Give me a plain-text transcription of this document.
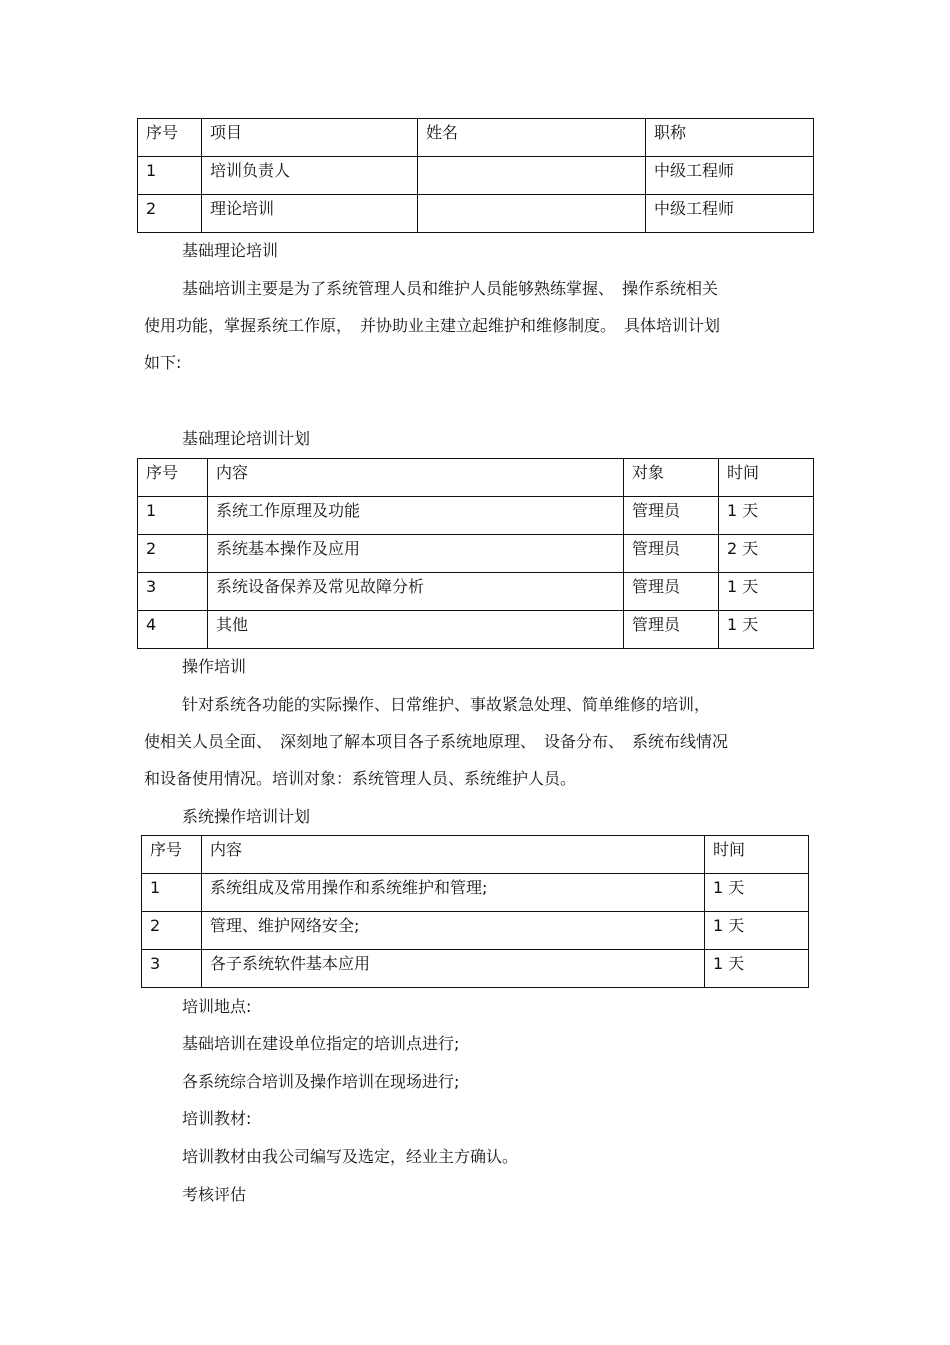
序号	项目	姓名	职称
1	培训负责人		中级工程师
2	理论培训		中级工程师
基础理论培训
基础培训主要是为了系统管理人员和维护人员能够熟练掌握、　操作系统相关
使用功能，掌握系统工作原，　并协助业主建立起维护和维修制度。　具体培训计划
如下:
基础理论培训计划
序号	内容	对象	时间
1	系统工作原理及功能	管理员	1 天
2	系统基本操作及应用	管理员	2 天
3	系统设备保养及常见故障分析	管理员	1 天
4	其他	管理员	1 天
操作培训
针对系统各功能的实际操作、日常维护、事故紧急处理、简单维修的培训，
使相关人员全面、　深刻地了解本项目各子系统地原理、　设备分布、　系统布线情况
和设备使用情况。培训对象：系统管理人员、系统维护人员。
系统操作培训计划
序号	内容	时间
1	系统组成及常用操作和系统维护和管理;	1 天
2	管理、维护网络安全;	1 天
3	各子系统软件基本应用	1 天
培训地点:
基础培训在建设单位指定的培训点进行;
各系统综合培训及操作培训在现场进行;
培训教材:
培训教材由我公司编写及选定，经业主方确认。
考核评估
